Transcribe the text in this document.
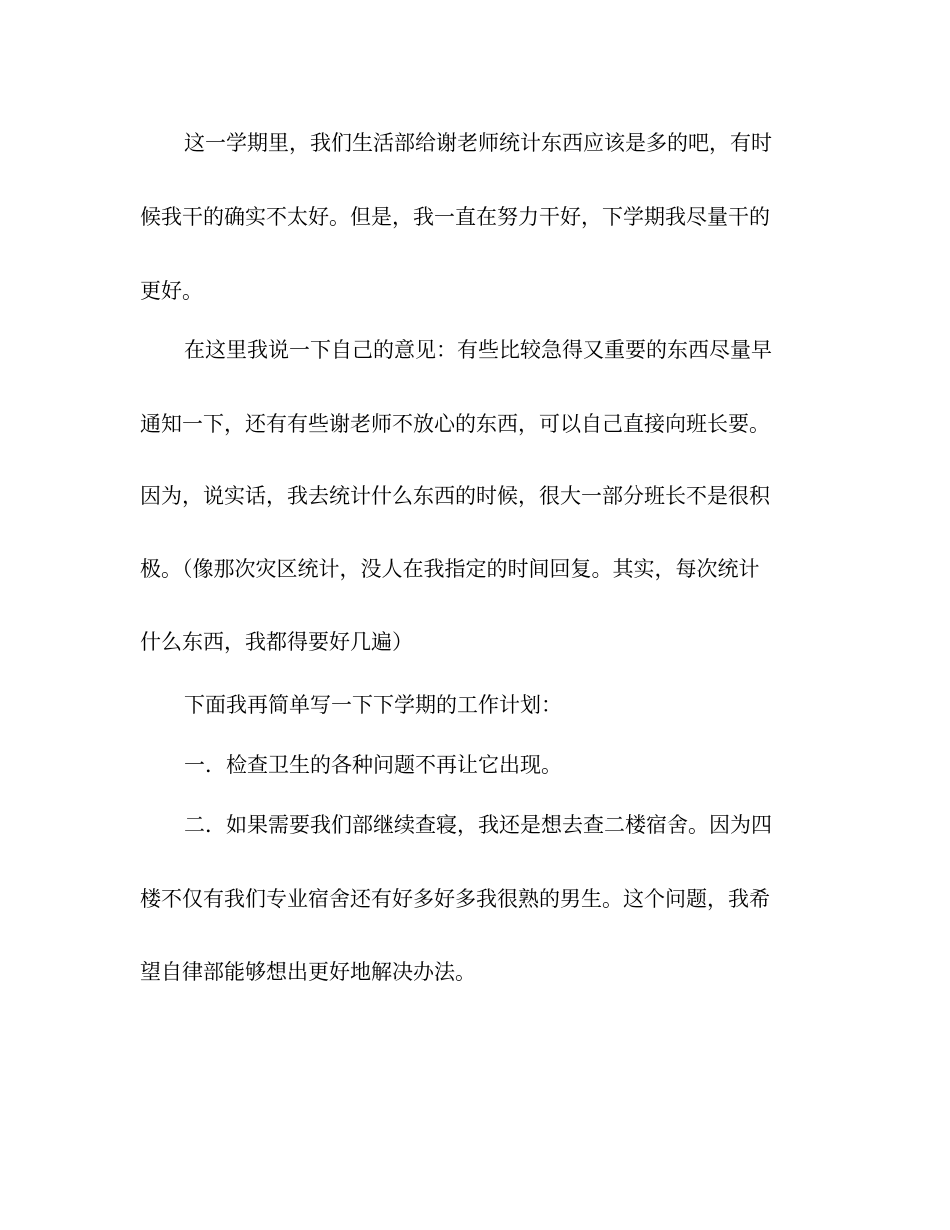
这一学期里，我们生活部给谢老师统计东西应该是多的吧，有时

候我干的确实不太好。但是，我一直在努力干好，下学期我尽量干的

更好。

在这里我说一下自己的意见：有些比较急得又重要的东西尽量早

通知一下，还有有些谢老师不放心的东西，可以自己直接向班长要。

因为，说实话，我去统计什么东西的时候，很大一部分班长不是很积

极。（像那次灾区统计，没人在我指定的时间回复。其实，每次统计

什么东西，我都得要好几遍）

下面我再简单写一下下学期的工作计划：

一．检查卫生的各种问题不再让它出现。

二．如果需要我们部继续查寝，我还是想去查二楼宿舍。因为四

楼不仅有我们专业宿舍还有好多好多我很熟的男生。这个问题，我希

望自律部能够想出更好地解决办法。
